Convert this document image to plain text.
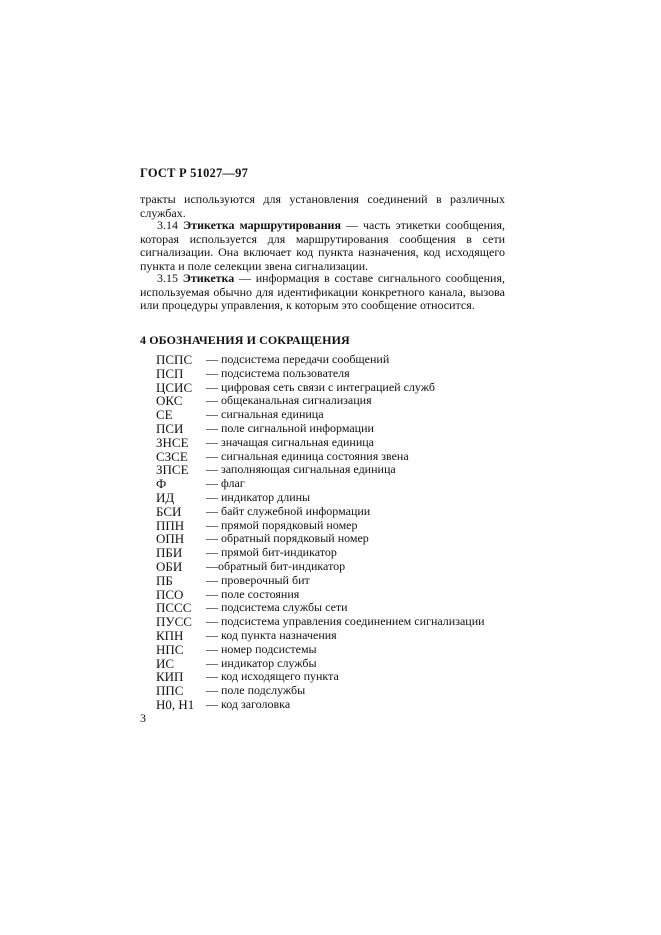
ГОСТ Р 51027—97
тракты используются для установления соединений в различных службах.
3.14 Этикетка маршрутирования — часть этикетки сообщения, которая используется для маршрутирования сообщения в сети сигнализации. Она включает код пункта назначения, код исходящего пункта и поле селекции звена сигнализации.
3.15 Этикетка — информация в составе сигнального сообщения, используемая обычно для идентификации конкретного канала, вызова или процедуры управления, к которым это сообщение относится.
4 ОБОЗНАЧЕНИЯ И СОКРАЩЕНИЯ
ПСПС	— подсистема передачи сообщений
ПСП	— подсистема пользователя
ЦСИС	— цифровая сеть связи с интеграцией служб
ОКС	— общеканальная сигнализация
СЕ	— сигнальная единица
ПСИ	— поле сигнальной информации
ЗНСЕ	— значащая сигнальная единица
СЗСЕ	— сигнальная единица состояния звена
ЗПСЕ	— заполняющая сигнальная единица
Ф	— флаг
ИД	— индикатор длины
БСИ	— байт служебной информации
ППН	— прямой порядковый номер
ОПН	— обратный порядковый номер
ПБИ	— прямой бит-индикатор
ОБИ	—обратный бит-индикатор
ПБ	— проверочный бит
ПСО	— поле состояния
ПССС	— подсистема службы сети
ПУСС	— подсистема управления соединением сигнализации
КПН	— код пункта назначения
НПС	— номер подсистемы
ИС	— индикатор службы
КИП	— код исходящего пункта
ППС	— поле подслужбы
Н0, Н1 — код заголовка
3
